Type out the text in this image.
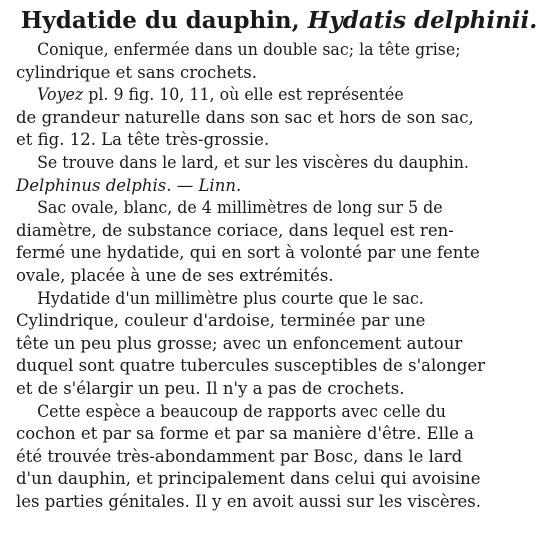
Hydatide du dauphin, Hydatis delphinii.

Conique, enfermée dans un double sac; la tête grise;
cylindrique et sans crochets.

Voyez pl. 9 fig. 10, 11, où elle est représentée
de grandeur naturelle dans son sac et hors de son sac,
et fig. 12. La tête très-grossie.

Se trouve dans le lard, et sur les viscères du dauphin.
Delphinus delphis. — Linn.

Sac ovale, blanc, de 4 millimètres de long sur 5 de
diamètre, de substance coriace, dans lequel est ren-
fermé une hydatide, qui en sort à volonté par une fente
ovale, placée à une de ses extrémités.

Hydatide d'un millimètre plus courte que le sac.
Cylindrique, couleur d'ardoise, terminée par une
tête un peu plus grosse; avec un enfoncement autour
duquel sont quatre tubercules susceptibles de s'alonger
et de s'élargir un peu. Il n'y a pas de crochets.

Cette espèce a beaucoup de rapports avec celle du
cochon et par sa forme et par sa manière d'être. Elle a
été trouvée très-abondamment par Bosc, dans le lard
d'un dauphin, et principalement dans celui qui avoisine
les parties génitales. Il y en avoit aussi sur les viscères.
